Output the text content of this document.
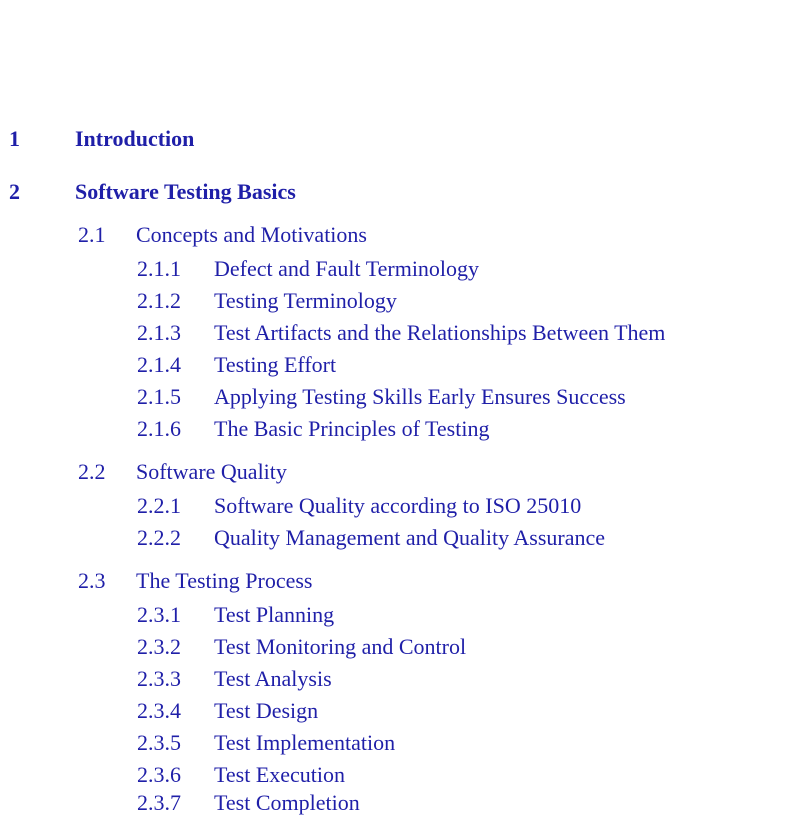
1	Introduction
2	Software Testing Basics
2.1 Concepts and Motivations
2.1.1 Defect and Fault Terminology
2.1.2 Testing Terminology
2.1.3 Test Artifacts and the Relationships Between Them
2.1.4 Testing Effort
2.1.5 Applying Testing Skills Early Ensures Success
2.1.6 The Basic Principles of Testing
2.2 Software Quality
2.2.1 Software Quality according to ISO 25010
2.2.2 Quality Management and Quality Assurance
2.3 The Testing Process
2.3.1 Test Planning
2.3.2 Test Monitoring and Control
2.3.3 Test Analysis
2.3.4 Test Design
2.3.5 Test Implementation
2.3.6 Test Execution
2.3.7 Test Completion
